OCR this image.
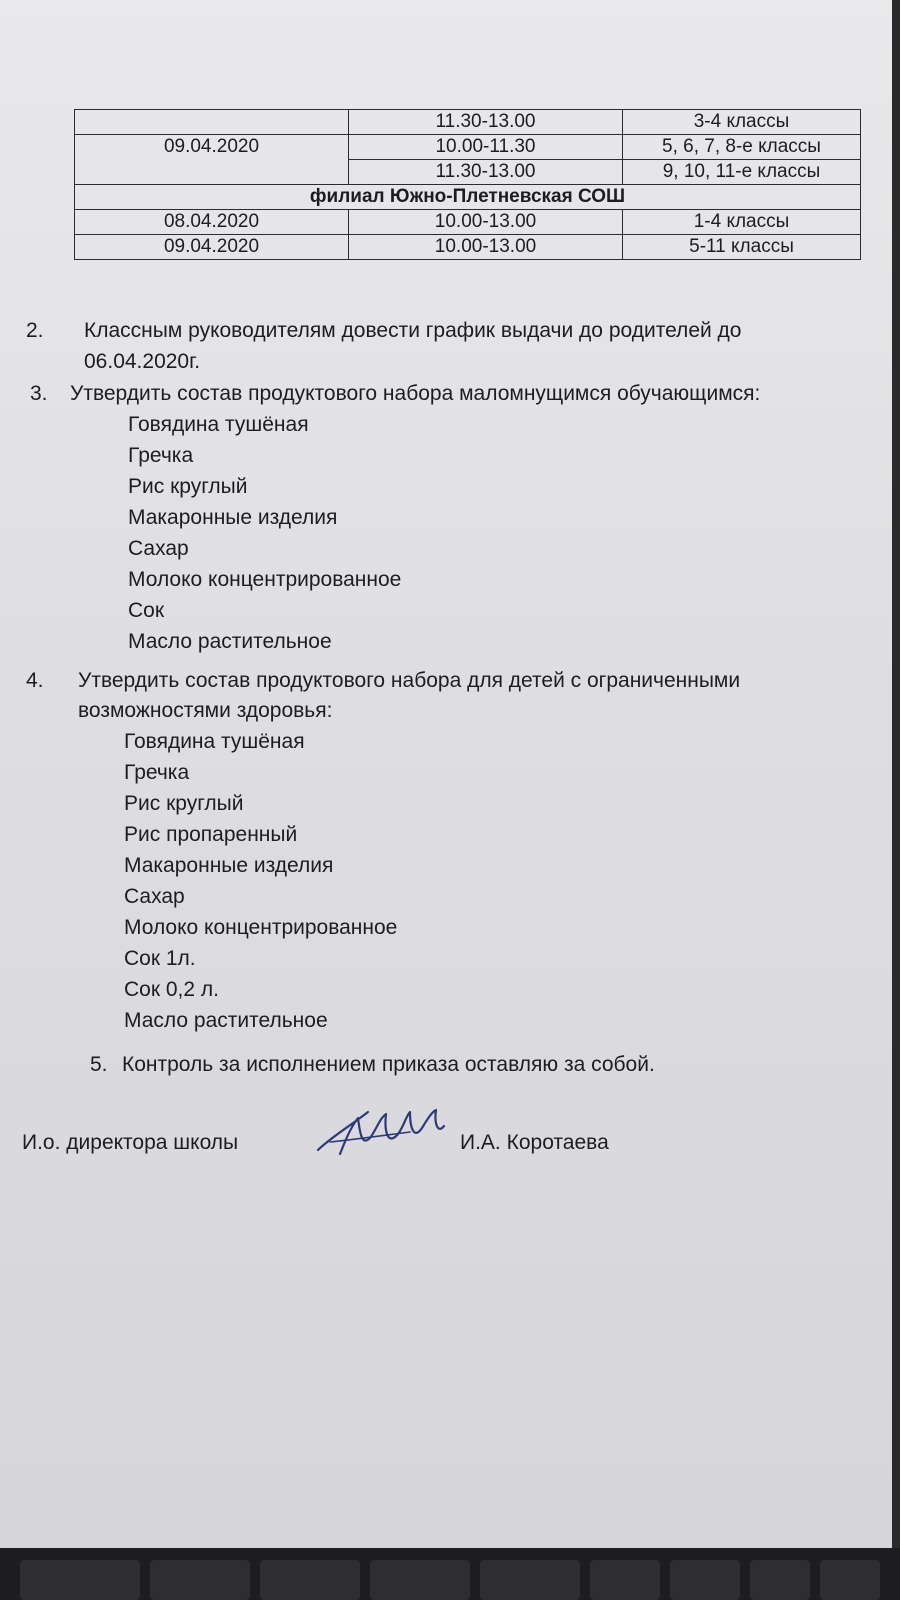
	11.30-13.00	3-4 классы
09.04.2020	10.00-11.30	5, 6, 7, 8-е классы
	11.30-13.00	9, 10, 11-е классы
филиал Южно-Плетневская СОШ		
08.04.2020	10.00-13.00	1-4 классы
09.04.2020	10.00-13.00	5-11 классы
2. Классным руководителям довести график выдачи до родителей до
06.04.2020г.
3. Утвердить состав продуктового набора маломнущимся обучающимся:
Говядина тушёная
Гречка
Рис круглый
Макаронные изделия
Сахар
Молоко концентрированное
Сок
Масло растительное
4. Утвердить состав продуктового набора для детей с ограниченными
возможностями здоровья:
Говядина тушёная
Гречка
Рис круглый
Рис пропаренный
Макаронные изделия
Сахар
Молоко концентрированное
Сок 1л.
Сок 0,2 л.
Масло растительное
5. Контроль за исполнением приказа оставляю за собой.
И.о. директора школы	И.А. Коротаева
